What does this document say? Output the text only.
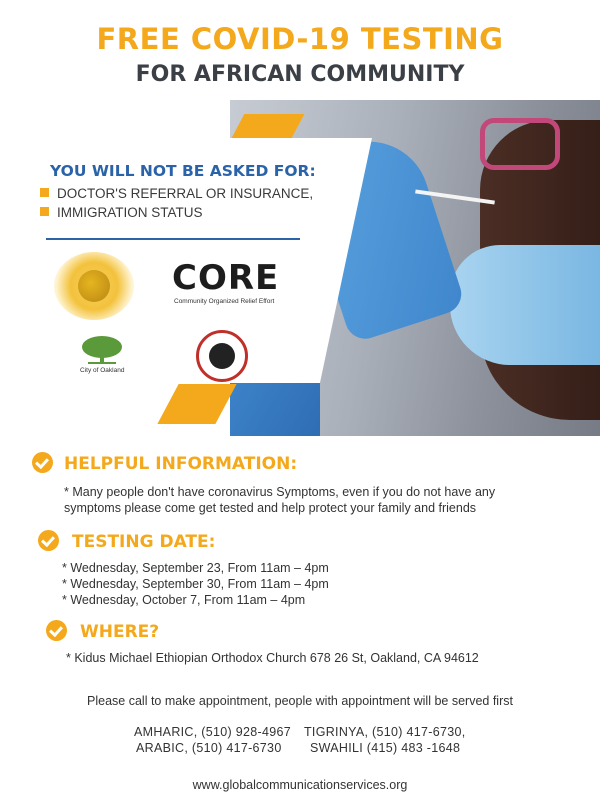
FREE COVID-19 TESTING
FOR AFRICAN COMMUNITY
YOU WILL NOT BE ASKED FOR:
DOCTOR'S REFERRAL OR INSURANCE,
IMMIGRATION STATUS
CORE
Community Organized Relief Effort
City of Oakland
HELPFUL INFORMATION:
* Many people don't have coronavirus Symptoms, even if you do not have any
symptoms please come get tested and help protect your family and friends
TESTING DATE:
* Wednesday, September 23, From 11am – 4pm
* Wednesday, September 30, From 11am – 4pm
* Wednesday, October 7, From 11am – 4pm
WHERE?
* Kidus Michael Ethiopian Orthodox Church 678 26 St, Oakland, CA 94612
Please call to make appointment, people with appointment will be served first
AMHARIC, (510) 928-4967 TIGRINYA, (510) 417-6730,
ARABIC, (510) 417-6730 SWAHILI (415) 483 -1648
www.globalcommunicationservices.org
